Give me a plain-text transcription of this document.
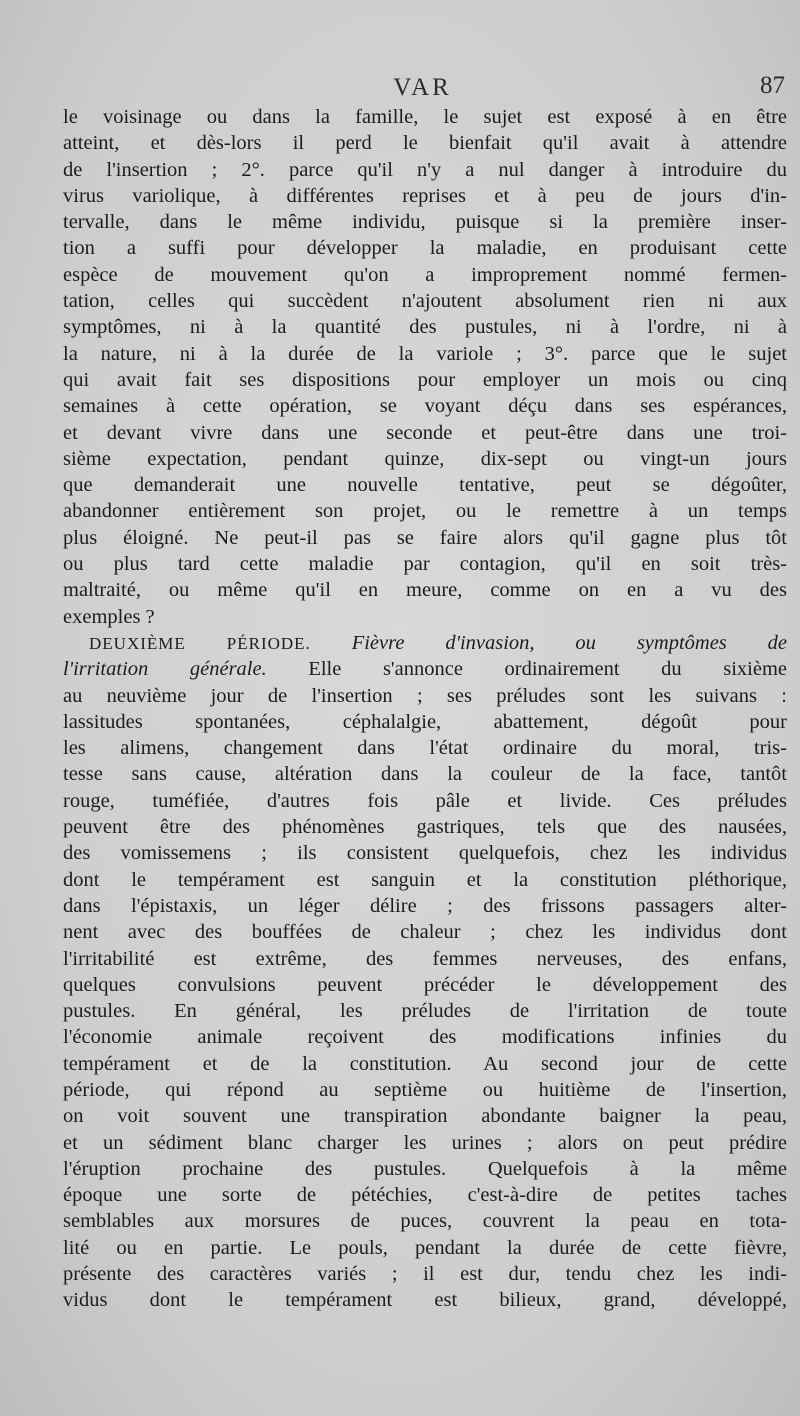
VAR	87
le voisinage ou dans la famille, le sujet est exposé à en être
atteint, et dès-lors il perd le bienfait qu'il avait à attendre
de l'insertion ; 2°. parce qu'il n'y a nul danger à introduire du
virus variolique, à différentes reprises et à peu de jours d'in-
tervalle, dans le même individu, puisque si la première inser-
tion a suffi pour développer la maladie, en produisant cette
espèce de mouvement qu'on a improprement nommé fermen-
tation, celles qui succèdent n'ajoutent absolument rien ni aux
symptômes, ni à la quantité des pustules, ni à l'ordre, ni à
la nature, ni à la durée de la variole ; 3°. parce que le sujet
qui avait fait ses dispositions pour employer un mois ou cinq
semaines à cette opération, se voyant déçu dans ses espérances,
et devant vivre dans une seconde et peut-être dans une troi-
sième expectation, pendant quinze, dix-sept ou vingt-un jours
que demanderait une nouvelle tentative, peut se dégoûter,
abandonner entièrement son projet, ou le remettre à un temps
plus éloigné. Ne peut-il pas se faire alors qu'il gagne plus tôt
ou plus tard cette maladie par contagion, qu'il en soit très-
maltraité, ou même qu'il en meure, comme on en a vu des
exemples ?
DEUXIÈME PÉRIODE. Fièvre d'invasion, ou symptômes de
l'irritation générale. Elle s'annonce ordinairement du sixième
au neuvième jour de l'insertion ; ses préludes sont les suivans :
lassitudes spontanées, céphalalgie, abattement, dégoût pour
les alimens, changement dans l'état ordinaire du moral, tris-
tesse sans cause, altération dans la couleur de la face, tantôt
rouge, tuméfiée, d'autres fois pâle et livide. Ces préludes
peuvent être des phénomènes gastriques, tels que des nausées,
des vomissemens ; ils consistent quelquefois, chez les individus
dont le tempérament est sanguin et la constitution pléthorique,
dans l'épistaxis, un léger délire ; des frissons passagers alter-
nent avec des bouffées de chaleur ; chez les individus dont
l'irritabilité est extrême, des femmes nerveuses, des enfans,
quelques convulsions peuvent précéder le développement des
pustules. En général, les préludes de l'irritation de toute
l'économie animale reçoivent des modifications infinies du
tempérament et de la constitution. Au second jour de cette
période, qui répond au septième ou huitième de l'insertion,
on voit souvent une transpiration abondante baigner la peau,
et un sédiment blanc charger les urines ; alors on peut prédire
l'éruption prochaine des pustules. Quelquefois à la même
époque une sorte de pétéchies, c'est-à-dire de petites taches
semblables aux morsures de puces, couvrent la peau en tota-
lité ou en partie. Le pouls, pendant la durée de cette fièvre,
présente des caractères variés ; il est dur, tendu chez les indi-
vidus dont le tempérament est bilieux, grand, développé,
